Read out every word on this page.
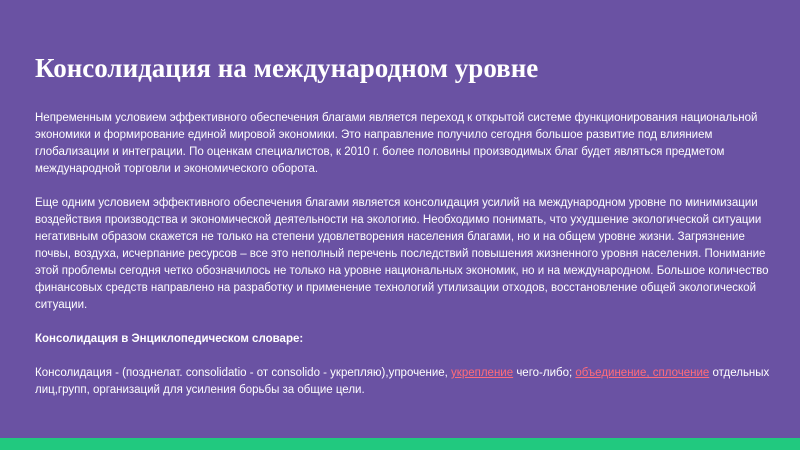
Консолидация на международном уровне

Непременным условием эффективного обеспечения благами является переход к открытой системе функционирования национальной экономики и формирование единой мировой экономики. Это направление получило сегодня большое развитие под влиянием глобализации и интеграции. По оценкам специалистов, к 2010 г. более половины производимых благ будет являться предметом международной торговли и экономического оборота.

Еще одним условием эффективного обеспечения благами является консолидация усилий на международном уровне по минимизации воздействия производства и экономической деятельности на экологию. Необходимо понимать, что ухудшение экологической ситуации негативным образом скажется не только на степени удовлетворения населения благами, но и на общем уровне жизни. Загрязнение почвы, воздуха, исчерпание ресурсов – все это неполный перечень последствий повышения жизненного уровня населения. Понимание этой проблемы сегодня четко обозначилось не только на уровне национальных экономик, но и на международном. Большое количество финансовых средств направлено на разработку и применение технологий утилизации отходов, восстановление общей экологической ситуации.

Консолидация в Энциклопедическом словаре:

Консолидация - (позднелат. consolidatio - от consolido - укрепляю),упрочение, укрепление чего-либо; объединение, сплочение отдельных лиц,групп, организаций для усиления борьбы за общие цели.
